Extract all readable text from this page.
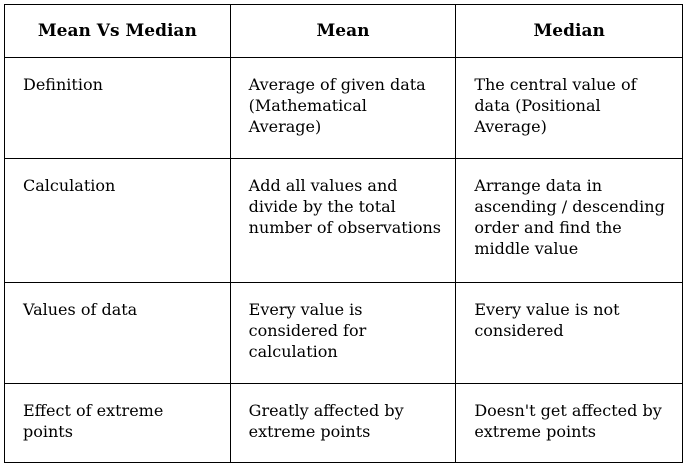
Mean Vs Median	Mean	Median

Definition	Average of given data (Mathematical Average)	The central value of data (Positional Average)

Calculation	Add all values and divide by the total number of observations	Arrange data in ascending / descending order and find the middle value

Values of data	Every value is considered for calculation	Every value is not considered

Effect of extreme points	Greatly affected by extreme points	Doesn't get affected by extreme points
